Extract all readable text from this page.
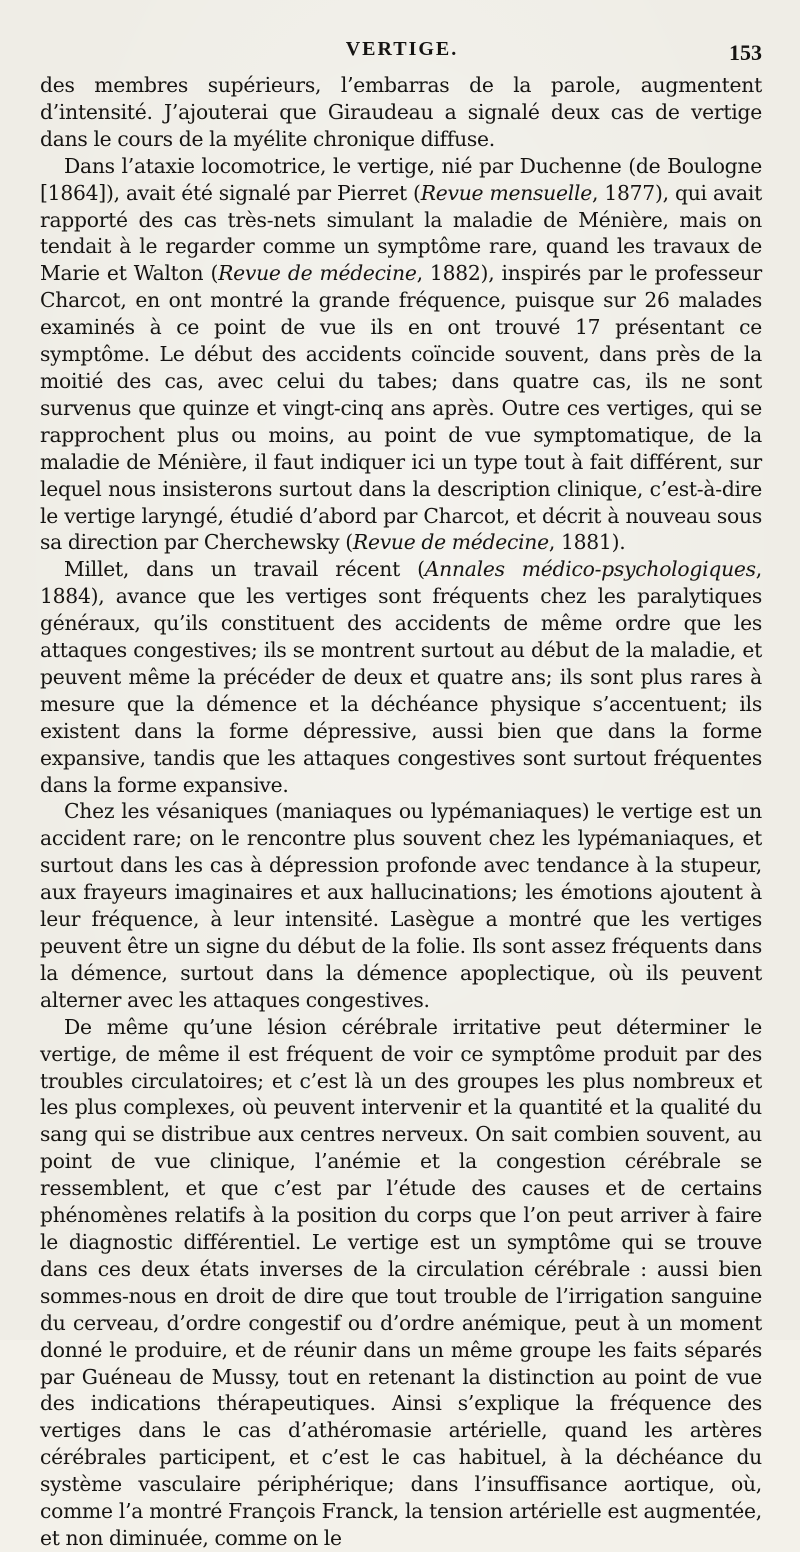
VERTIGE.	153

des membres supérieurs, l’embarras de la parole, augmentent d’intensité. J’ajouterai que Giraudeau a signalé deux cas de vertige dans le cours de la myélite chronique diffuse.

Dans l’ataxie locomotrice, le vertige, nié par Duchenne (de Boulogne [1864]), avait été signalé par Pierret (Revue mensuelle, 1877), qui avait rapporté des cas très-nets simulant la maladie de Ménière, mais on tendait à le regarder comme un symptôme rare, quand les travaux de Marie et Walton (Revue de médecine, 1882), inspirés par le professeur Charcot, en ont montré la grande fréquence, puisque sur 26 malades examinés à ce point de vue ils en ont trouvé 17 présentant ce symptôme. Le début des accidents coïncide souvent, dans près de la moitié des cas, avec celui du tabes; dans quatre cas, ils ne sont survenus que quinze et vingt-cinq ans après. Outre ces vertiges, qui se rapprochent plus ou moins, au point de vue symptomatique, de la maladie de Ménière, il faut indiquer ici un type tout à fait différent, sur lequel nous insisterons surtout dans la description clinique, c’est-à-dire le vertige laryngé, étudié d’abord par Charcot, et décrit à nouveau sous sa direction par Cherchewsky (Revue de médecine, 1881).

Millet, dans un travail récent (Annales médico-psychologiques, 1884), avance que les vertiges sont fréquents chez les paralytiques généraux, qu’ils constituent des accidents de même ordre que les attaques congestives; ils se montrent surtout au début de la maladie, et peuvent même la précéder de deux et quatre ans; ils sont plus rares à mesure que la démence et la déchéance physique s’accentuent; ils existent dans la forme dépressive, aussi bien que dans la forme expansive, tandis que les attaques congestives sont surtout fréquentes dans la forme expansive.

Chez les vésaniques (maniaques ou lypémaniaques) le vertige est un accident rare; on le rencontre plus souvent chez les lypémaniaques, et surtout dans les cas à dépression profonde avec tendance à la stupeur, aux frayeurs imaginaires et aux hallucinations; les émotions ajoutent à leur fréquence, à leur intensité. Lasègue a montré que les vertiges peuvent être un signe du début de la folie. Ils sont assez fréquents dans la démence, surtout dans la démence apoplectique, où ils peuvent alterner avec les attaques congestives.

De même qu’une lésion cérébrale irritative peut déterminer le vertige, de même il est fréquent de voir ce symptôme produit par des troubles circulatoires; et c’est là un des groupes les plus nombreux et les plus complexes, où peuvent intervenir et la quantité et la qualité du sang qui se distribue aux centres nerveux. On sait combien souvent, au point de vue clinique, l’anémie et la congestion cérébrale se ressemblent, et que c’est par l’étude des causes et de certains phénomènes relatifs à la position du corps que l’on peut arriver à faire le diagnostic différentiel. Le vertige est un symptôme qui se trouve dans ces deux états inverses de la circulation cérébrale : aussi bien sommes-nous en droit de dire que tout trouble de l’irrigation sanguine du cerveau, d’ordre congestif ou d’ordre anémique, peut à un moment donné le produire, et de réunir dans un même groupe les faits séparés par Guéneau de Mussy, tout en retenant la distinction au point de vue des indications thérapeutiques. Ainsi s’explique la fréquence des vertiges dans le cas d’athéromasie artérielle, quand les artères cérébrales participent, et c’est le cas habituel, à la déchéance du système vasculaire périphérique; dans l’insuffisance aortique, où, comme l’a montré François Franck, la tension artérielle est augmentée, et non diminuée, comme on le
